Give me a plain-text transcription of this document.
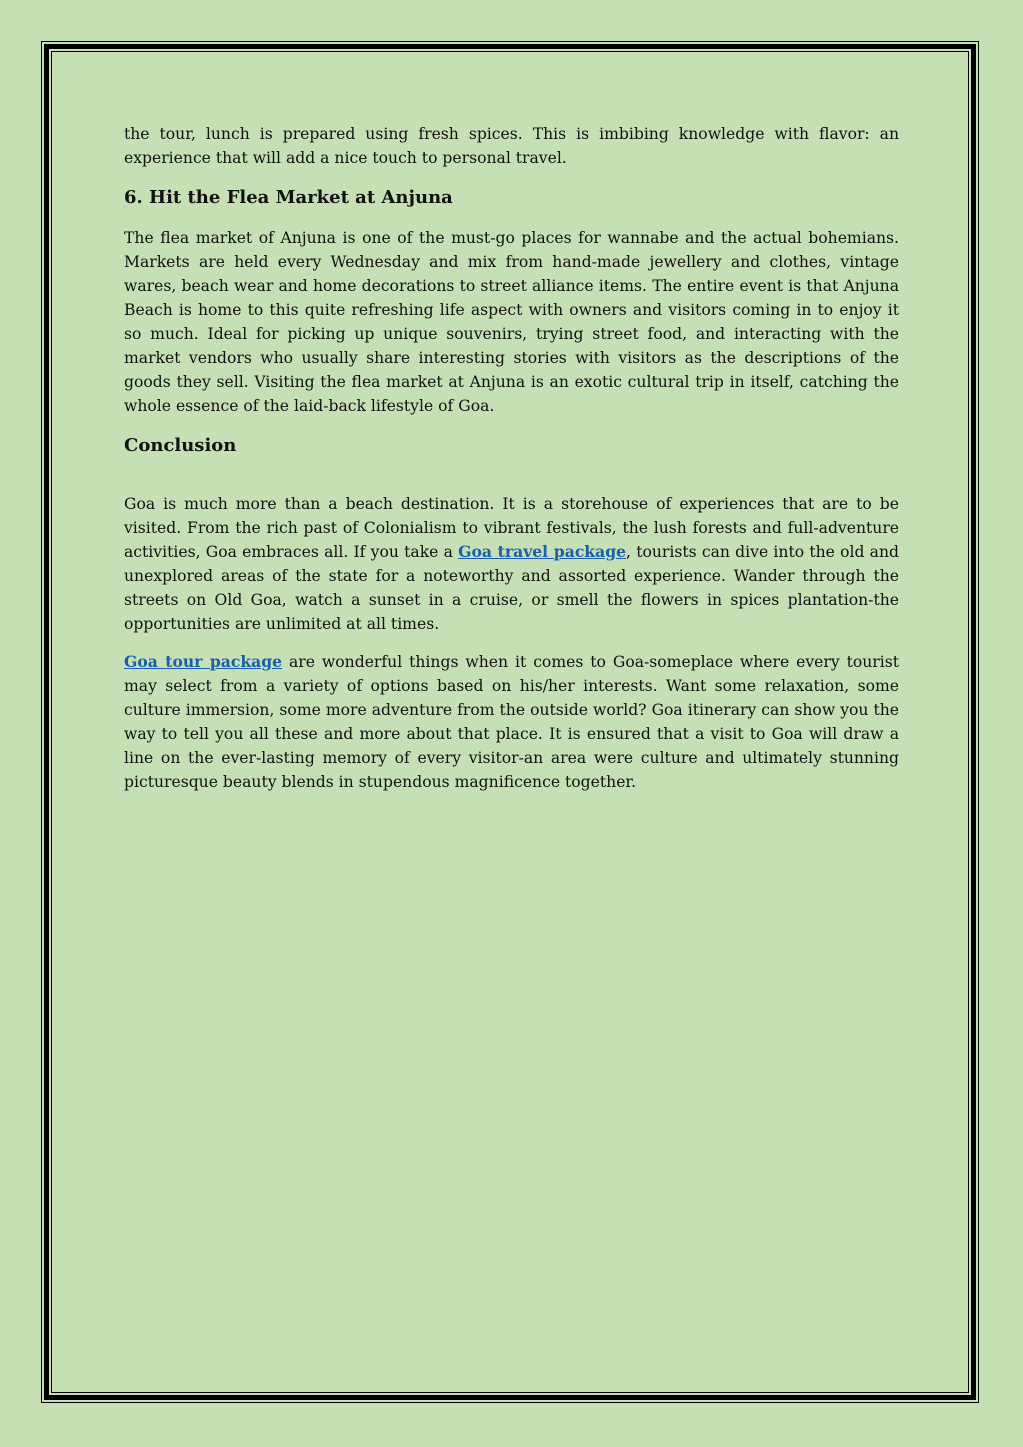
the tour, lunch is prepared using fresh spices. This is imbibing knowledge with flavor: an experience that will add a nice touch to personal travel.

6. Hit the Flea Market at Anjuna

The flea market of Anjuna is one of the must-go places for wannabe and the actual bohemians. Markets are held every Wednesday and mix from hand-made jewellery and clothes, vintage wares, beach wear and home decorations to street alliance items. The entire event is that Anjuna Beach is home to this quite refreshing life aspect with owners and visitors coming in to enjoy it so much. Ideal for picking up unique souvenirs, trying street food, and interacting with the market vendors who usually share interesting stories with visitors as the descriptions of the goods they sell. Visiting the flea market at Anjuna is an exotic cultural trip in itself, catching the whole essence of the laid-back lifestyle of Goa.

Conclusion

Goa is much more than a beach destination. It is a storehouse of experiences that are to be visited. From the rich past of Colonialism to vibrant festivals, the lush forests and full-adventure activities, Goa embraces all. If you take a Goa travel package, tourists can dive into the old and unexplored areas of the state for a noteworthy and assorted experience. Wander through the streets on Old Goa, watch a sunset in a cruise, or smell the flowers in spices plantation-the opportunities are unlimited at all times.

Goa tour package are wonderful things when it comes to Goa-someplace where every tourist may select from a variety of options based on his/her interests. Want some relaxation, some culture immersion, some more adventure from the outside world? Goa itinerary can show you the way to tell you all these and more about that place. It is ensured that a visit to Goa will draw a line on the ever-lasting memory of every visitor-an area were culture and ultimately stunning picturesque beauty blends in stupendous magnificence together.
